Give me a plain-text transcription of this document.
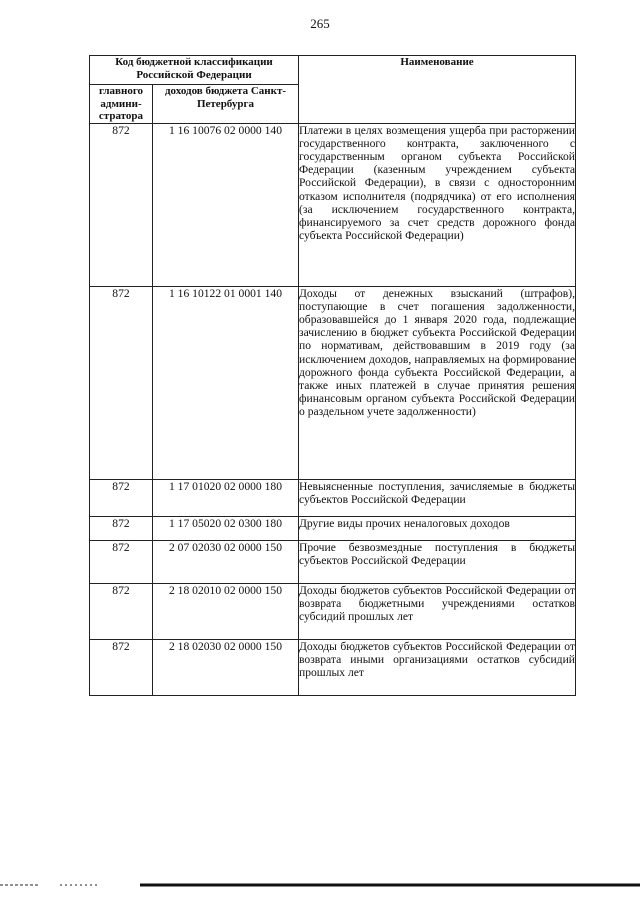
265
Код бюджетной классификации Российской Федерации		Наименование
главного админи-стратора	доходов бюджета Санкт-Петербурга	
872	1 16 10076 02 0000 140	Платежи в целях возмещения ущерба при расторжении государственного контракта, заключенного с государственным органом субъекта Российской Федерации (казенным учреждением субъекта Российской Федерации), в связи с односторонним отказом исполнителя (подрядчика) от его исполнения (за исключением государственного контракта, финансируемого за счет средств дорожного фонда субъекта Российской Федерации)

872	1 16 10122 01 0001 140	Доходы от денежных взысканий (штрафов), поступающие в счет погашения задолженности, образовавшейся до 1 января 2020 года, подлежащие зачислению в бюджет субъекта Российской Федерации по нормативам, действовавшим в 2019 году (за исключением доходов, направляемых на формирование дорожного фонда субъекта Российской Федерации, а также иных платежей в случае принятия решения финансовым органом субъекта Российской Федерации о раздельном учете задолженности)

872	1 17 01020 02 0000 180	Невыясненные поступления, зачисляемые в бюджеты субъектов Российской Федерации

872	1 17 05020 02 0300 180	Другие виды прочих неналоговых доходов

872	2 07 02030 02 0000 150	Прочие безвозмездные поступления в бюджеты субъектов Российской Федерации

872	2 18 02010 02 0000 150	Доходы бюджетов субъектов Российской Федерации от возврата бюджетными учреждениями остатков субсидий прошлых лет

872	2 18 02030 02 0000 150	Доходы бюджетов субъектов Российской Федерации от возврата иными организациями остатков субсидий прошлых лет
